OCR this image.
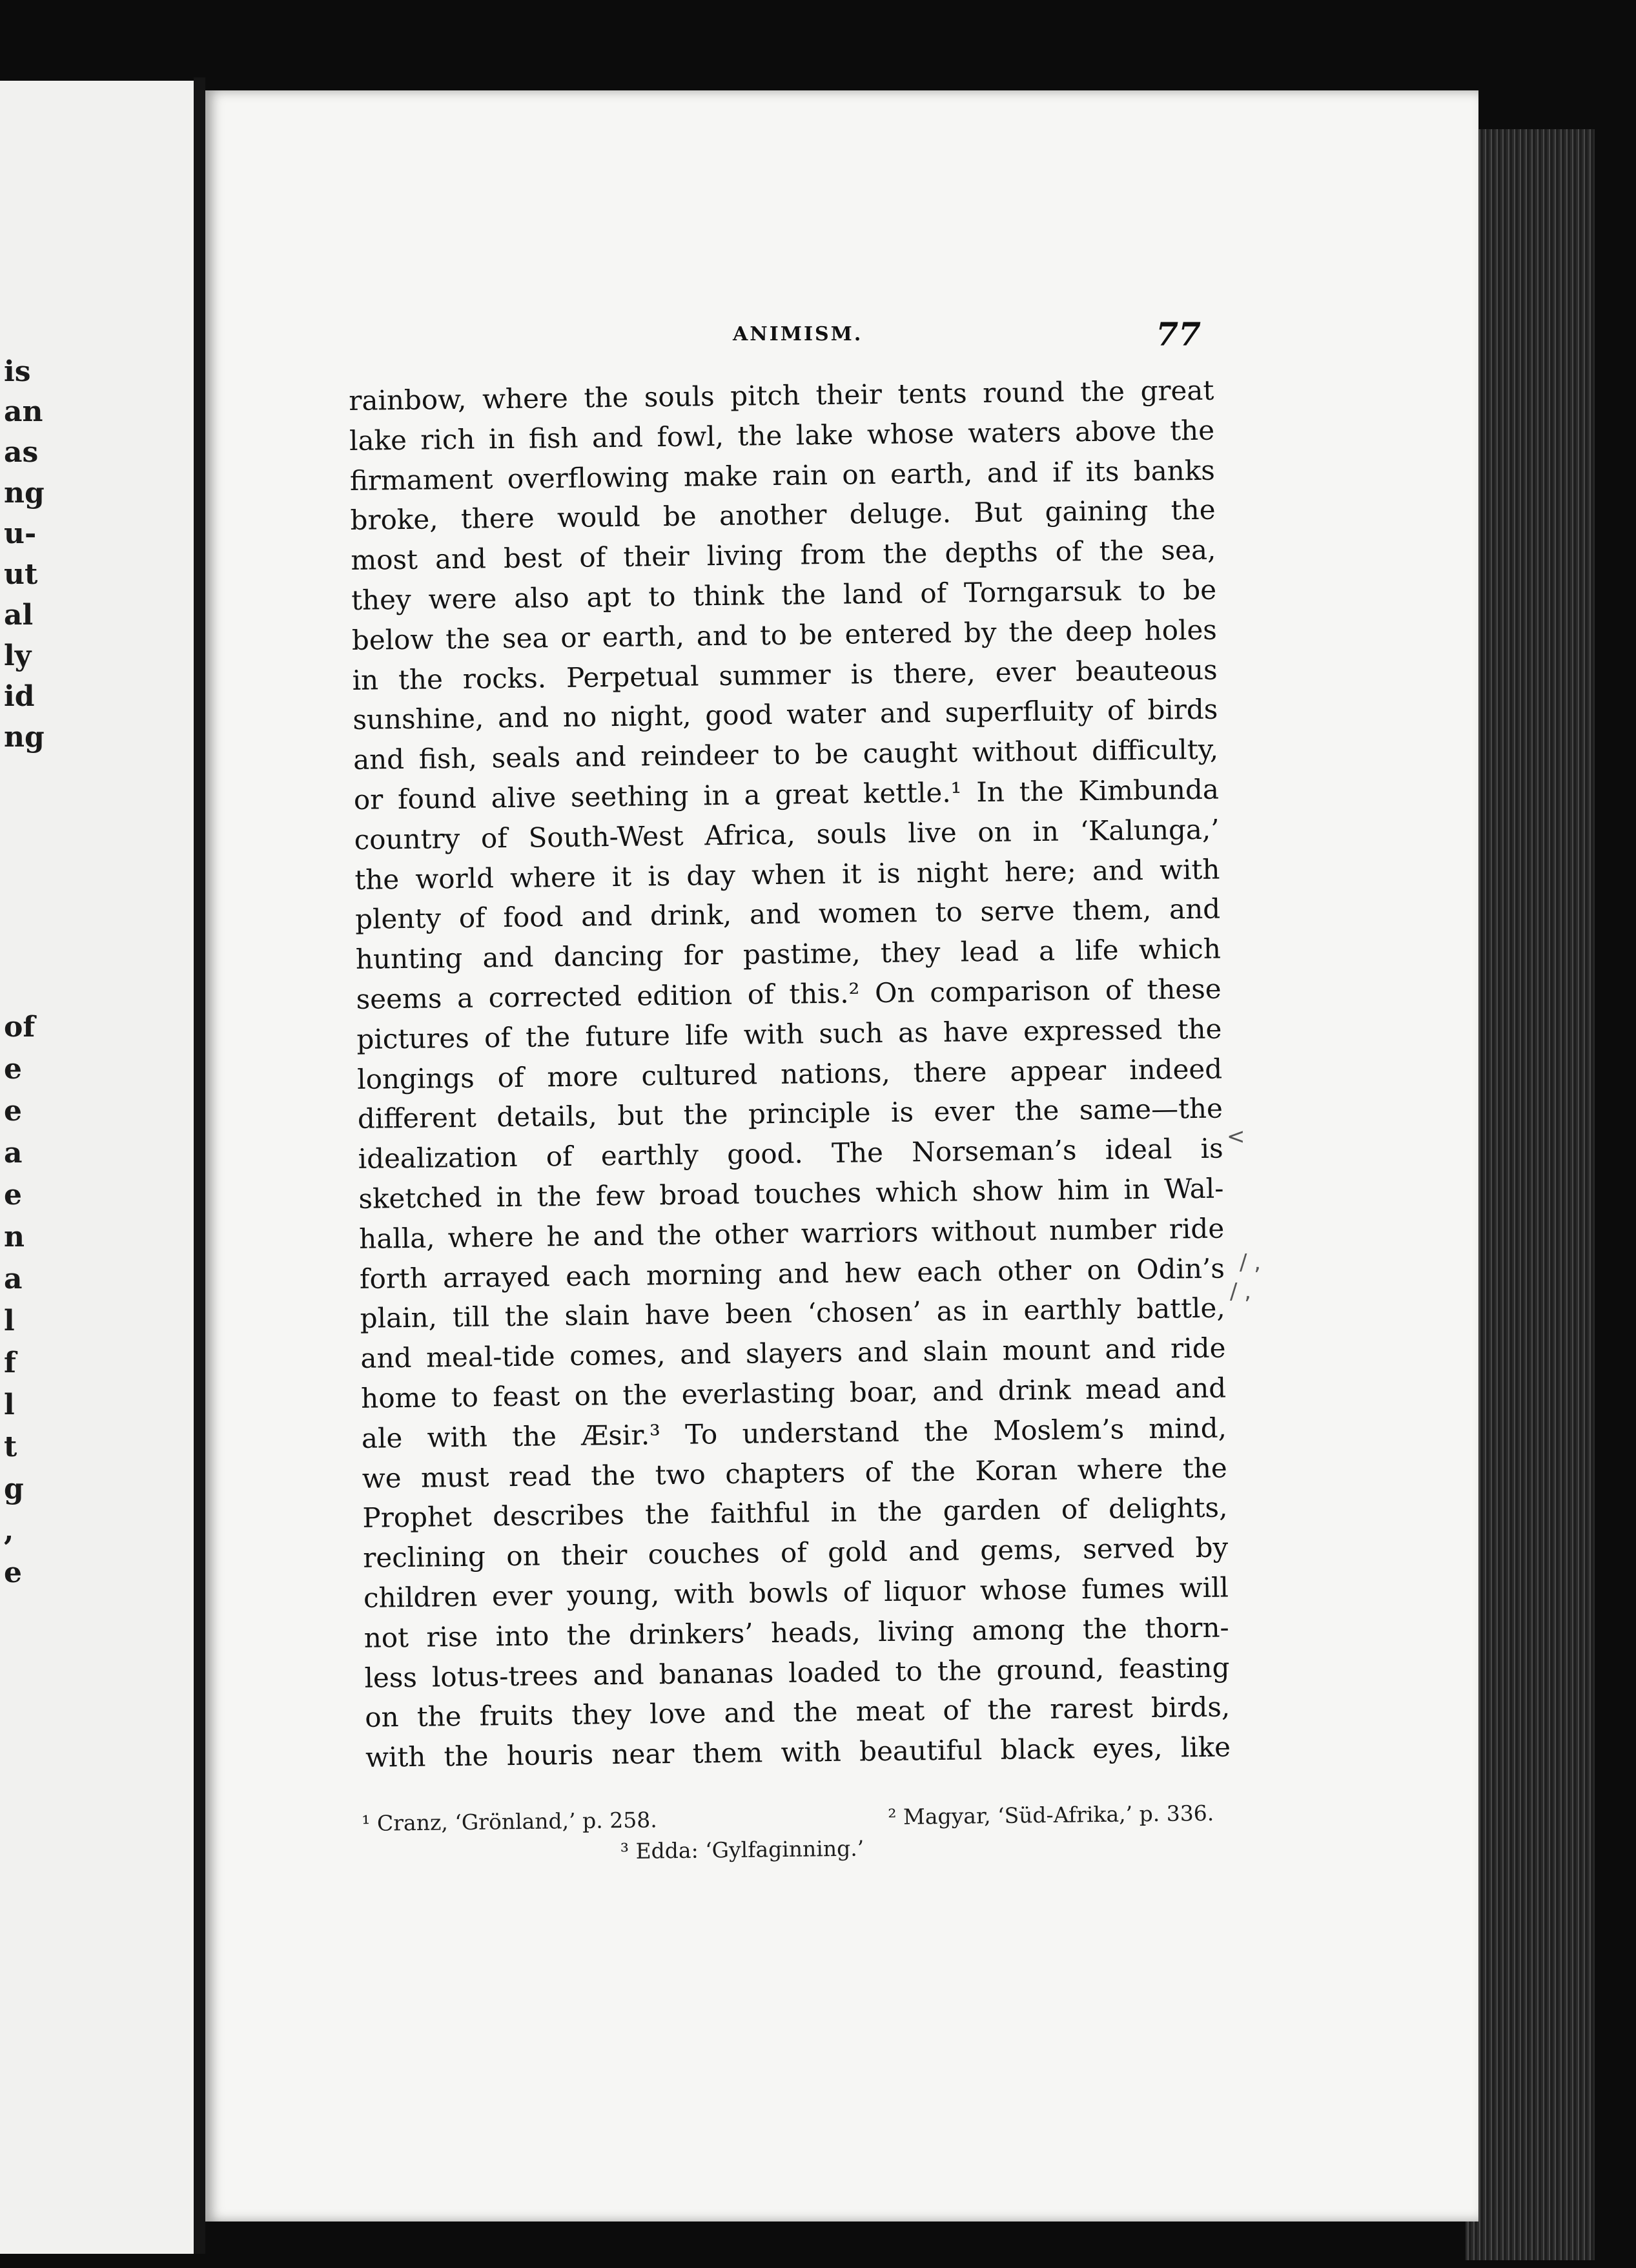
is
an
as
ng
u-
ut
al
ly
id
ng
of
e
e
a
e
n
a
l
f
l
t
g
,
e
ANIMISM.	77
rainbow, where the souls pitch their tents round the great
lake rich in fish and fowl, the lake whose waters above the
firmament overflowing make rain on earth, and if its banks
broke, there would be another deluge. But gaining the
most and best of their living from the depths of the sea,
they were also apt to think the land of Torngarsuk to be
below the sea or earth, and to be entered by the deep holes
in the rocks. Perpetual summer is there, ever beauteous
sunshine, and no night, good water and superfluity of birds
and fish, seals and reindeer to be caught without difficulty,
or found alive seething in a great kettle.¹ In the Kimbunda
country of South-West Africa, souls live on in ‘Kalunga,’
the world where it is day when it is night here; and with
plenty of food and drink, and women to serve them, and
hunting and dancing for pastime, they lead a life which
seems a corrected edition of this.² On comparison of these
pictures of the future life with such as have expressed the
longings of more cultured nations, there appear indeed
different details, but the principle is ever the same—the
idealization of earthly good. The Norseman’s ideal is
sketched in the few broad touches which show him in Wal-
halla, where he and the other warriors without number ride
forth arrayed each morning and hew each other on Odin’s
plain, till the slain have been ‘chosen’ as in earthly battle,
and meal-tide comes, and slayers and slain mount and ride
home to feast on the everlasting boar, and drink mead and
ale with the Æsir.³ To understand the Moslem’s mind,
we must read the two chapters of the Koran where the
Prophet describes the faithful in the garden of delights,
reclining on their couches of gold and gems, served by
children ever young, with bowls of liquor whose fumes will
not rise into the drinkers’ heads, living among the thorn-
less lotus-trees and bananas loaded to the ground, feasting
on the fruits they love and the meat of the rarest birds,
with the houris near them with beautiful black eyes, like
¹ Cranz, ‘Grönland,’ p. 258.	² Magyar, ‘Süd-Afrika,’ p. 336.
³ Edda: ‘Gylfaginning.’
<
/ ,
/ ,
